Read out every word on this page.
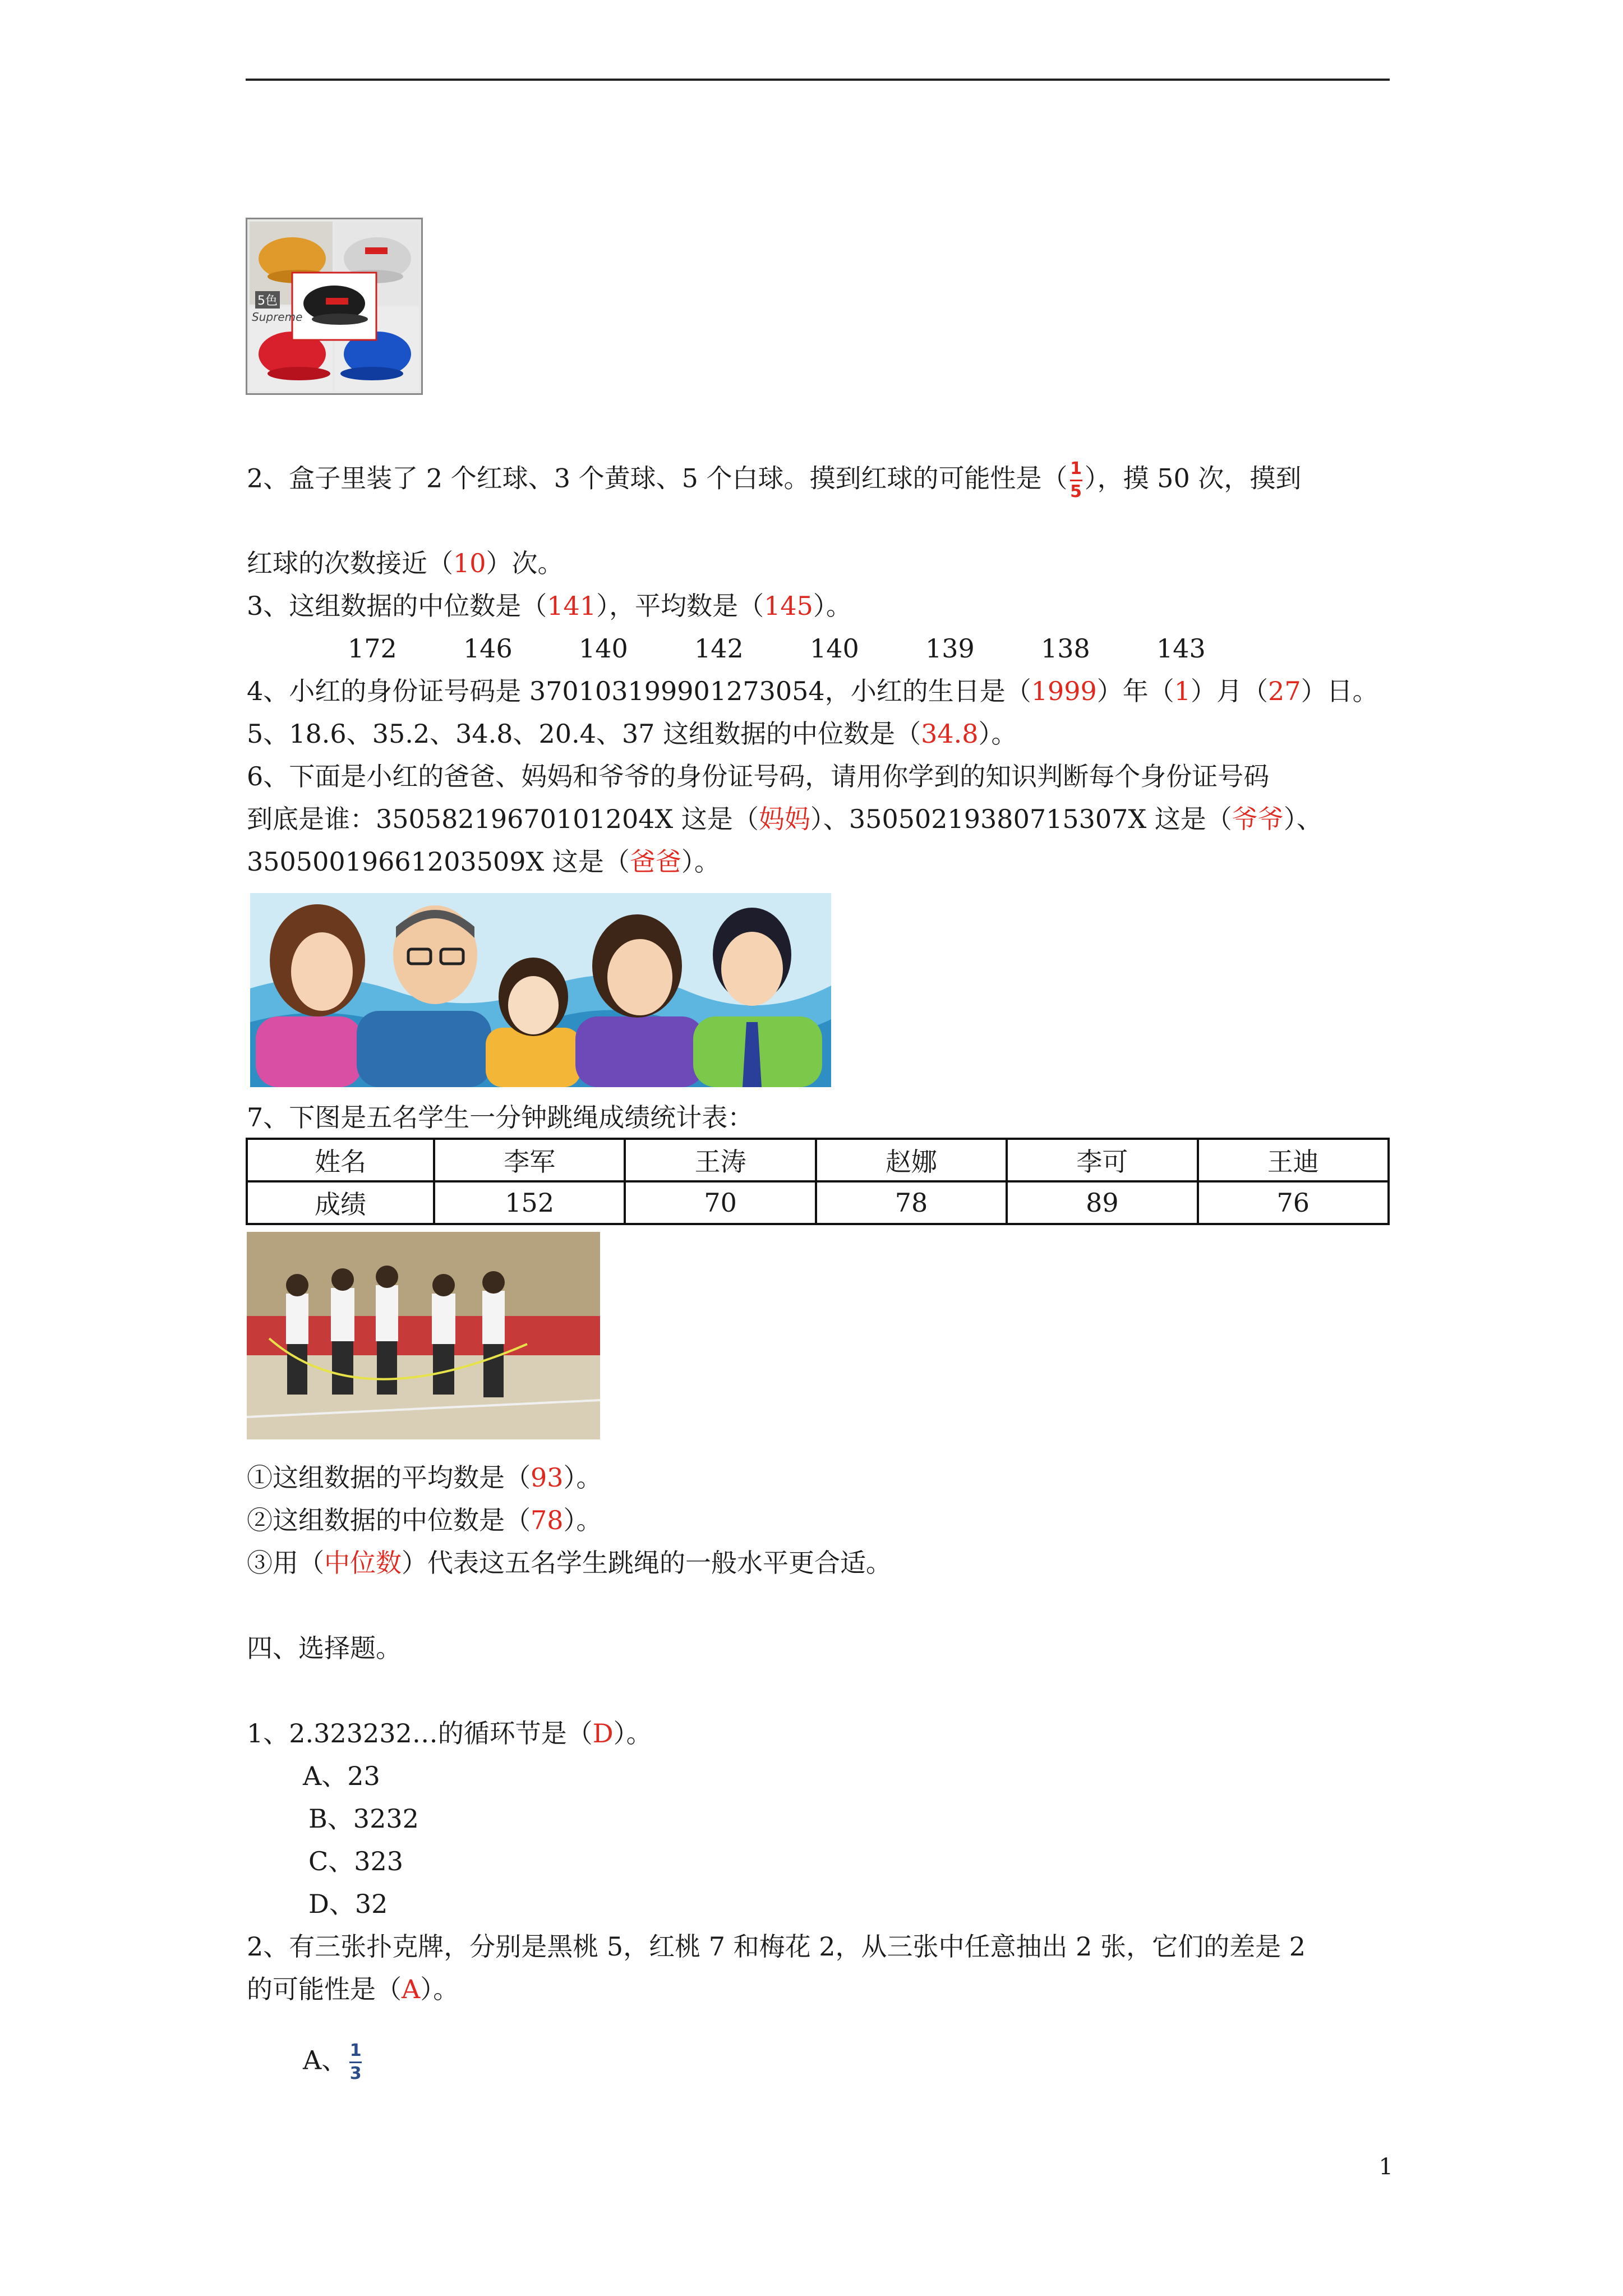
5色
Supreme
2、盒子里装了 2 个红球、3 个黄球、5 个白球。摸到红球的可能性是（ $\frac{1}{5}$ ），摸 50 次，摸到
红球的次数接近（10）次。
3、这组数据的中位数是（141），平均数是（145）。
172	146	140	142	140	139	138	143
4、小红的身份证号码是 370103199901273054，小红的生日是（1999）年（1）月（27）日。
5、18.6、35.2、34.8、20.4、37 这组数据的中位数是（34.8）。
6、下面是小红的爸爸、妈妈和爷爷的身份证号码，请用你学到的知识判断每个身份证号码
到底是谁：35058219670101204X 这是（妈妈）、35050219380715307X 这是（爷爷）、
35050019661203509X 这是（爸爸）。
7、下图是五名学生一分钟跳绳成绩统计表：
姓名	李军	王涛	赵娜	李可	王迪
成绩	152	70	78	89	76
①这组数据的平均数是（93）。
②这组数据的中位数是（78）。
③用（中位数）代表这五名学生跳绳的一般水平更合适。
四、选择题。
1、2.323232…的循环节是（D）。
A、23
B、3232
C、323
D、32
2、有三张扑克牌，分别是黑桃 5，红桃 7 和梅花 2，从三张中任意抽出 2 张，它们的差是 2
的可能性是（A）。
A、 $\frac{1}{3}$
1
